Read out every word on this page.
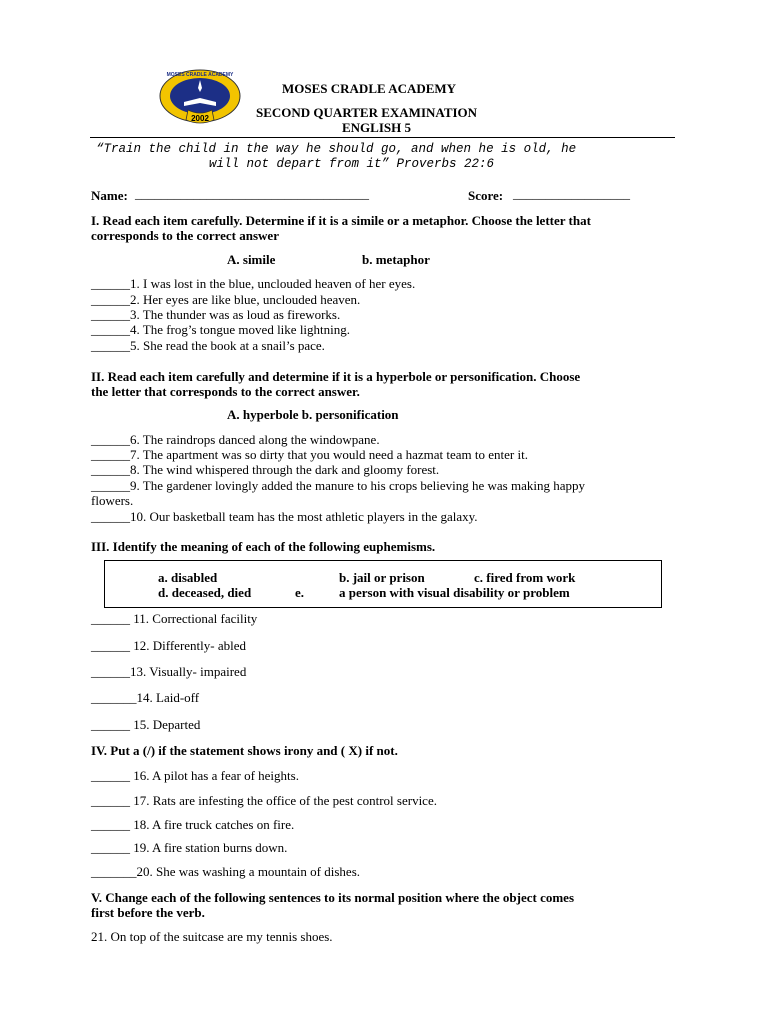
2002
MOSES CRADLE ACADEMY
MOSES CRADLE ACADEMY
SECOND QUARTER EXAMINATION
ENGLISH 5
“Train the child in the way he should go, and when he is old, he
will not depart from it” Proverbs 22:6
Name: ____________________________________	Score: __________________
I. Read each item carefully. Determine if it is a simile or a metaphor. Choose the letter that
corresponds to the correct answer
A. simile	b. metaphor
______1. I was lost in the blue, unclouded heaven of her eyes.
______2. Her eyes are like blue, unclouded heaven.
______3. The thunder was as loud as fireworks.
______4. The frog’s tongue moved like lightning.
______5. She read the book at a snail’s pace.
II. Read each item carefully and determine if it is a hyperbole or personification. Choose
the letter that corresponds to the correct answer.
A. hyperbole b. personification
______6. The raindrops danced along the windowpane.
______7. The apartment was so dirty that you would need a hazmat team to enter it.
______8. The wind whispered through the dark and gloomy forest.
______9. The gardener lovingly added the manure to his crops believing he was making happy
flowers.
______10. Our basketball team has the most athletic players in the galaxy.
III. Identify the meaning of each of the following euphemisms.
a. disabled	b. jail or prison	c. fired from work
d. deceased, died	e.	a person with visual disability or problem
______ 11. Correctional facility
______ 12. Differently- abled
______13. Visually- impaired
_______14. Laid-off
______ 15. Departed
IV. Put a (/) if the statement shows irony and ( X) if not.
______ 16. A pilot has a fear of heights.
______ 17. Rats are infesting the office of the pest control service.
______ 18. A fire truck catches on fire.
______ 19. A fire station burns down.
_______20. She was washing a mountain of dishes.
V. Change each of the following sentences to its normal position where the object comes
first before the verb.
21. On top of the suitcase are my tennis shoes.
